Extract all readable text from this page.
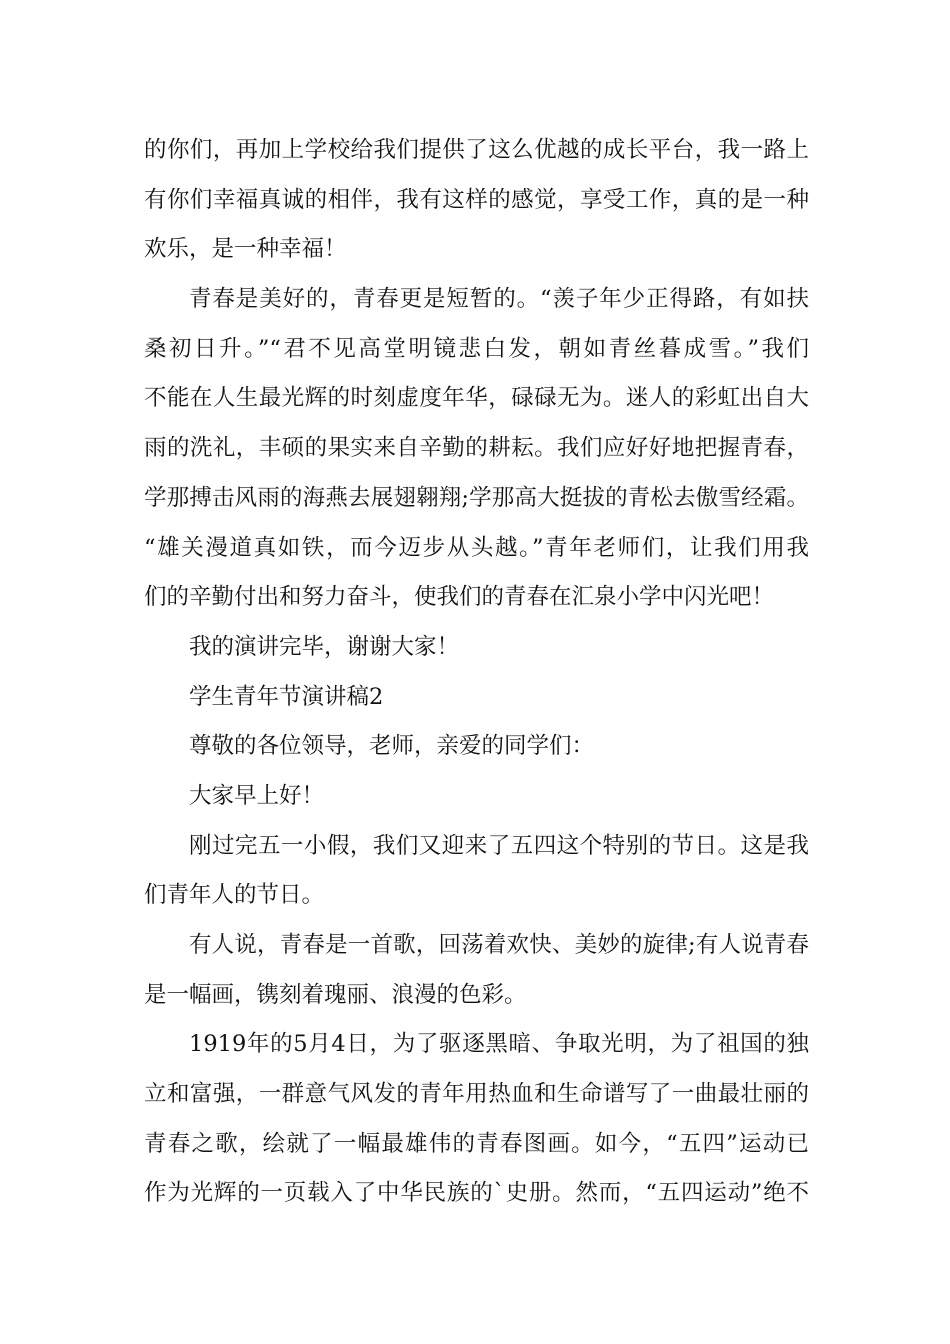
的你们，再加上学校给我们提供了这么优越的成长平台，我一路上
有你们幸福真诚的相伴，我有这样的感觉，享受工作，真的是一种
欢乐，是一种幸福！
青春是美好的，青春更是短暂的。“羡子年少正得路，有如扶
桑初日升。”“君不见高堂明镜悲白发，朝如青丝暮成雪。”我们
不能在人生最光辉的时刻虚度年华，碌碌无为。迷人的彩虹出自大
雨的洗礼，丰硕的果实来自辛勤的耕耘。我们应好好地把握青春，
学那搏击风雨的海燕去展翅翱翔;学那高大挺拔的青松去傲雪经霜。
“雄关漫道真如铁，而今迈步从头越。”青年老师们，让我们用我
们的辛勤付出和努力奋斗，使我们的青春在汇泉小学中闪光吧！
我的演讲完毕，谢谢大家！
学生青年节演讲稿2
尊敬的各位领导，老师，亲爱的同学们：
大家早上好！
刚过完五一小假，我们又迎来了五四这个特别的节日。这是我
们青年人的节日。
有人说，青春是一首歌，回荡着欢快、美妙的旋律;有人说青春
是一幅画，镌刻着瑰丽、浪漫的色彩。
1919年的5月4日，为了驱逐黑暗、争取光明，为了祖国的独
立和富强，一群意气风发的青年用热血和生命谱写了一曲最壮丽的
青春之歌，绘就了一幅最雄伟的青春图画。如今，“五四”运动已
作为光辉的一页载入了中华民族的`史册。然而，“五四运动”绝不
